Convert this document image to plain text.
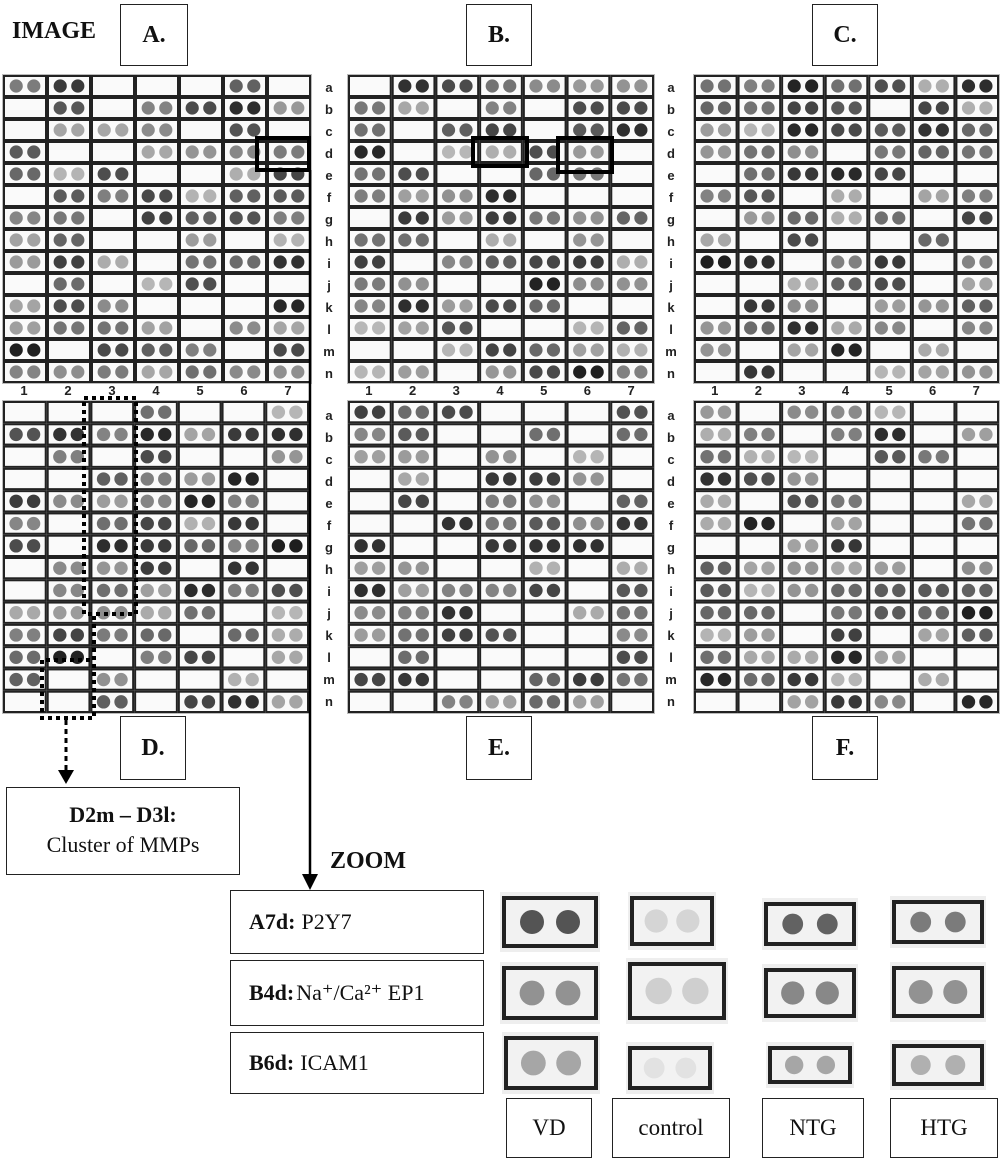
IMAGE	A.	B.	C.
D.	E.	F.
a
b
c
d
e
f
g
h
i
j
k
l
m
n
a
b
c
d
e
f
g
h
i
j
k
l
m
n
a
b
c
d
e
f
g
h
i
j
k
l
m
n
a
b
c
d
e
f
g
h
i
j
k
l
m
n
1	2	3	4	5	6	7	1	2	3	4	5	6	7	1	2	3	4	5	6	7
D2m – D3l:
Cluster of MMPs
ZOOM
A7d: P2Y7
B4d: Na⁺/Ca²⁺ EP1
B6d: ICAM1
VD	control	NTG	HTG
